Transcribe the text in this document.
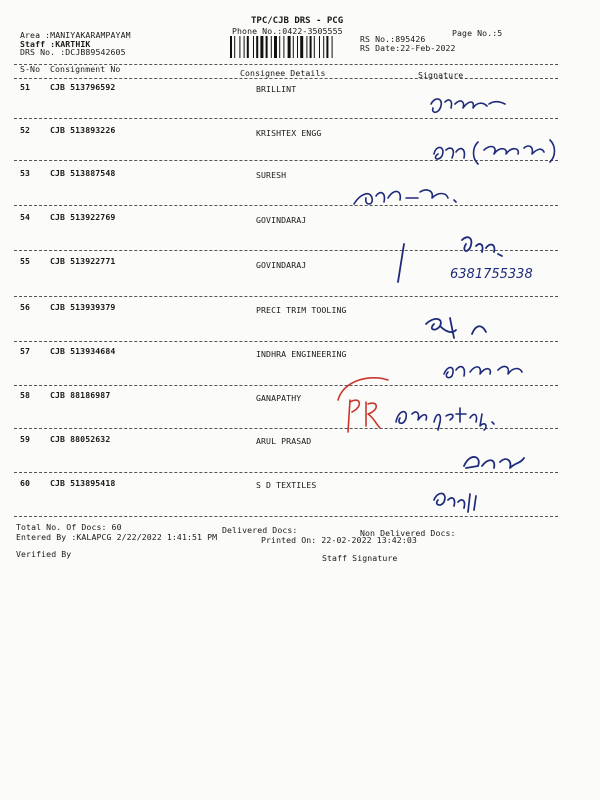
TPC/CJB DRS - PCG
Phone No.:0422-3505555	Page No.:5
Area :MANIYAKARAMPAYAM
Staff :KARTHIK
DRS No. :DCJB89542605
RS No.:895426
RS Date:22-Feb-2022
S-No Consignment No	Consignee Details	Signature
51 CJB 513796592	BRILLINT
52 CJB 513893226	KRISHTEX ENGG
53 CJB 513887548	SURESH
54 CJB 513922769	GOVINDARAJ
55 CJB 513922771	GOVINDARAJ
56 CJB 513939379	PRECI TRIM TOOLING
57 CJB 513934684	INDHRA ENGINEERING
58 CJB 88186987	GANAPATHY
59 CJB 88052632	ARUL PRASAD
60 CJB 513895418	S D TEXTILES
Total No. Of Docs: 60	Delivered Docs:	Non Delivered Docs:
Entered By :KALAPCG 2/22/2022 1:41:51 PM	Printed On: 22-02-2022 13:42:03
Verified By	Staff Signature
6381755338
